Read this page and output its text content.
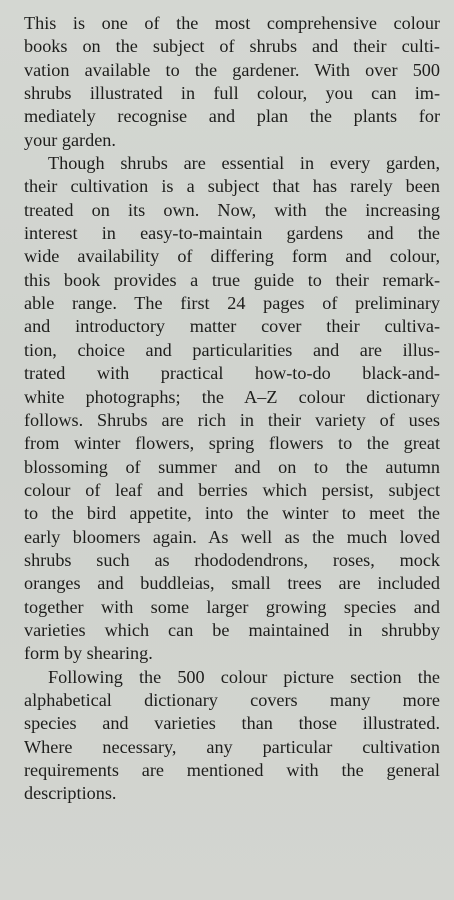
This is one of the most comprehensive colour
books on the subject of shrubs and their culti-
vation available to the gardener. With over 500
shrubs illustrated in full colour, you can im-
mediately recognise and plan the plants for
your garden.
Though shrubs are essential in every garden,
their cultivation is a subject that has rarely been
treated on its own. Now, with the increasing
interest in easy-to-maintain gardens and the
wide availability of differing form and colour,
this book provides a true guide to their remark-
able range. The first 24 pages of preliminary
and introductory matter cover their cultiva-
tion, choice and particularities and are illus-
trated with practical how-to-do black-and-
white photographs; the A–Z colour dictionary
follows. Shrubs are rich in their variety of uses
from winter flowers, spring flowers to the great
blossoming of summer and on to the autumn
colour of leaf and berries which persist, subject
to the bird appetite, into the winter to meet the
early bloomers again. As well as the much loved
shrubs such as rhododendrons, roses, mock
oranges and buddleias, small trees are included
together with some larger growing species and
varieties which can be maintained in shrubby
form by shearing.
Following the 500 colour picture section the
alphabetical dictionary covers many more
species and varieties than those illustrated.
Where necessary, any particular cultivation
requirements are mentioned with the general
descriptions.
